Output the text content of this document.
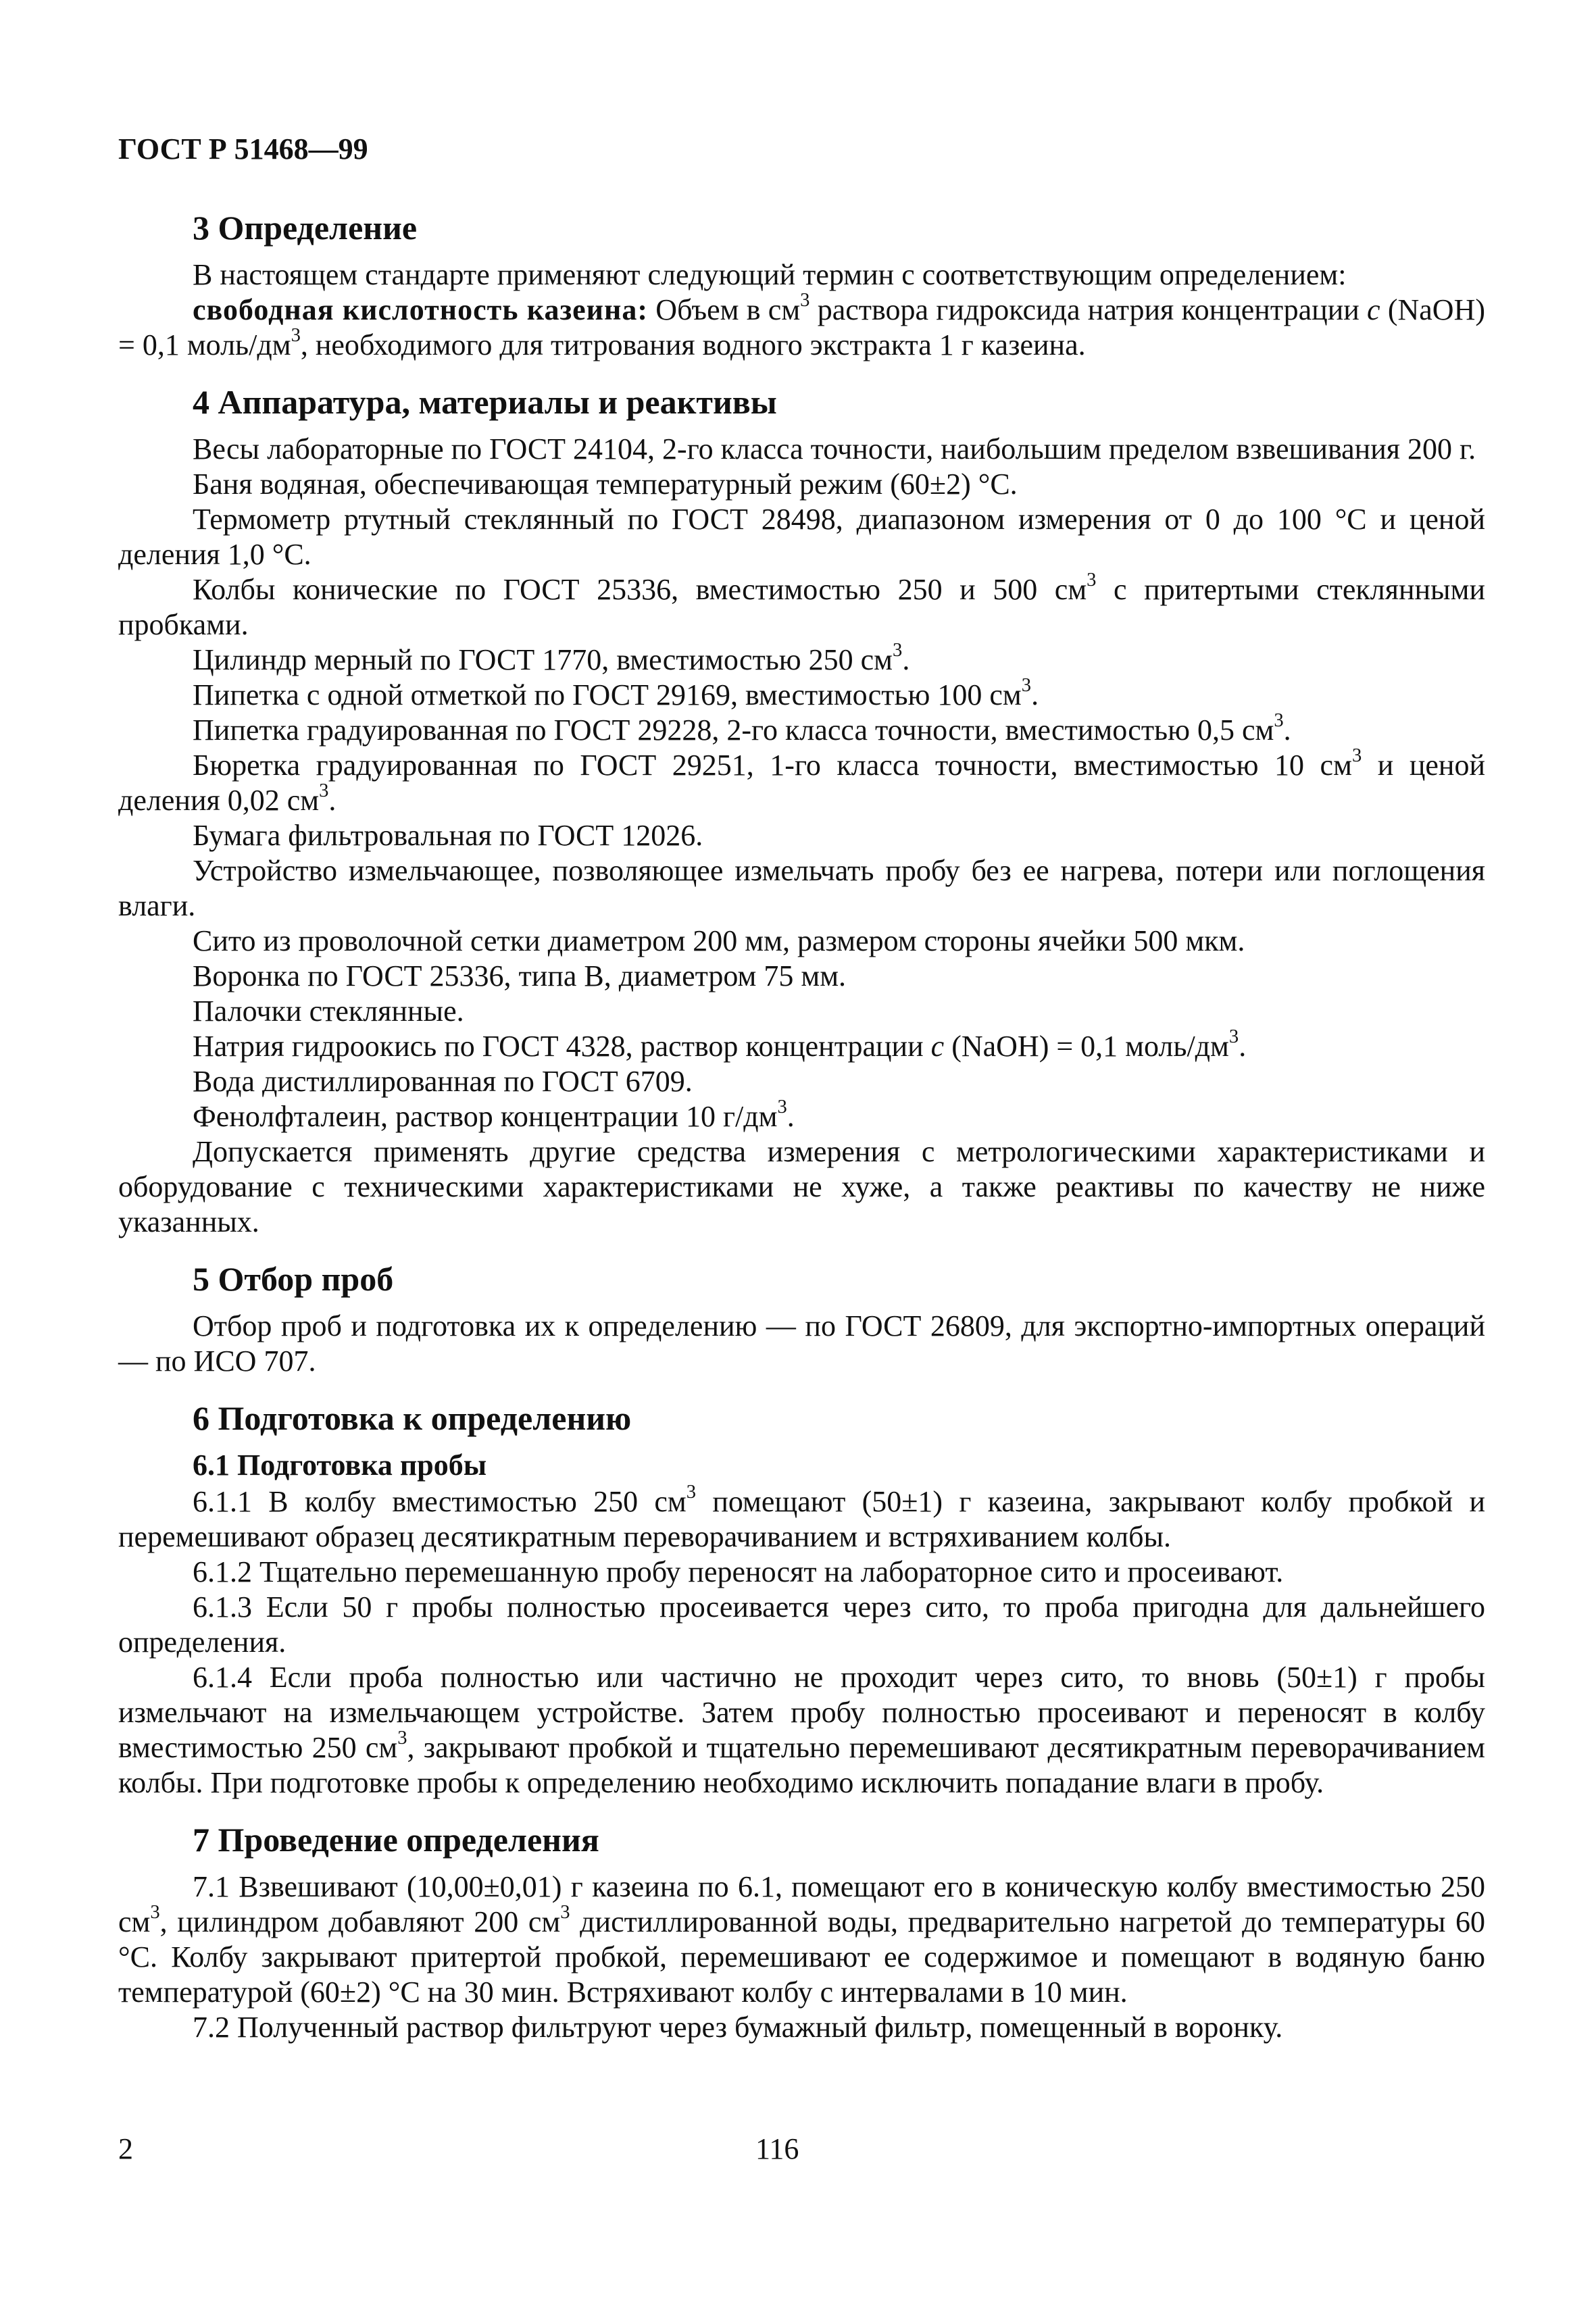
ГОСТ Р 51468—99
3 Определение

В настоящем стандарте применяют следующий термин с соответствующим определением:

свободная кислотность казеина: Объем в $см^3$ раствора гидроксида натрия концентрации с (NaOH) = 0,1 моль/$дм^3$, необходимого для титрования водного экстракта 1 г казеина.

4 Аппаратура, материалы и реактивы

Весы лабораторные по ГОСТ 24104, 2-го класса точности, наибольшим пределом взвешивания 200 г.

Баня водяная, обеспечивающая температурный режим (60±2) °С.

Термометр ртутный стеклянный по ГОСТ 28498, диапазоном измерения от 0 до 100 °С и ценой деления 1,0 °С.

Колбы конические по ГОСТ 25336, вместимостью 250 и 500 $см^3$ с притертыми стеклянными пробками.

Цилиндр мерный по ГОСТ 1770, вместимостью 250 $см^3$.

Пипетка с одной отметкой по ГОСТ 29169, вместимостью 100 $см^3$.

Пипетка градуированная по ГОСТ 29228, 2-го класса точности, вместимостью 0,5 $см^3$.

Бюретка градуированная по ГОСТ 29251, 1-го класса точности, вместимостью 10 $см^3$ и ценой деления 0,02 $см^3$.

Бумага фильтровальная по ГОСТ 12026.

Устройство измельчающее, позволяющее измельчать пробу без ее нагрева, потери или поглощения влаги.

Сито из проволочной сетки диаметром 200 мм, размером стороны ячейки 500 мкм.

Воронка по ГОСТ 25336, типа В, диаметром 75 мм.

Палочки стеклянные.

Натрия гидроокись по ГОСТ 4328, раствор концентрации с (NaOH) = 0,1 моль/$дм^3$.

Вода дистиллированная по ГОСТ 6709.

Фенолфталеин, раствор концентрации 10 $г/дм^3$.

Допускается применять другие средства измерения с метрологическими характеристиками и оборудование с техническими характеристиками не хуже, а также реактивы по качеству не ниже указанных.

5 Отбор проб

Отбор проб и подготовка их к определению — по ГОСТ 26809, для экспортно-импортных операций — по ИСО 707.

6 Подготовка к определению
6.1 Подготовка пробы

6.1.1 В колбу вместимостью 250 $см^3$ помещают (50±1) г казеина, закрывают колбу пробкой и перемешивают образец десятикратным переворачиванием и встряхиванием колбы.

6.1.2 Тщательно перемешанную пробу переносят на лабораторное сито и просеивают.

6.1.3 Если 50 г пробы полностью просеивается через сито, то проба пригодна для дальнейшего определения.

6.1.4 Если проба полностью или частично не проходит через сито, то вновь (50±1) г пробы измельчают на измельчающем устройстве. Затем пробу полностью просеивают и переносят в колбу вместимостью 250 $см^3$, закрывают пробкой и тщательно перемешивают десятикратным переворачиванием колбы. При подготовке пробы к определению необходимо исключить попадание влаги в пробу.

7 Проведение определения

7.1 Взвешивают (10,00±0,01) г казеина по 6.1, помещают его в коническую колбу вместимостью 250 $см^3$, цилиндром добавляют 200 $см^3$ дистиллированной воды, предварительно нагретой до температуры 60 °С. Колбу закрывают притертой пробкой, перемешивают ее содержимое и помещают в водяную баню температурой (60±2) °С на 30 мин. Встряхивают колбу с интервалами в 10 мин.

7.2 Полученный раствор фильтруют через бумажный фильтр, помещенный в воронку.

2	116
